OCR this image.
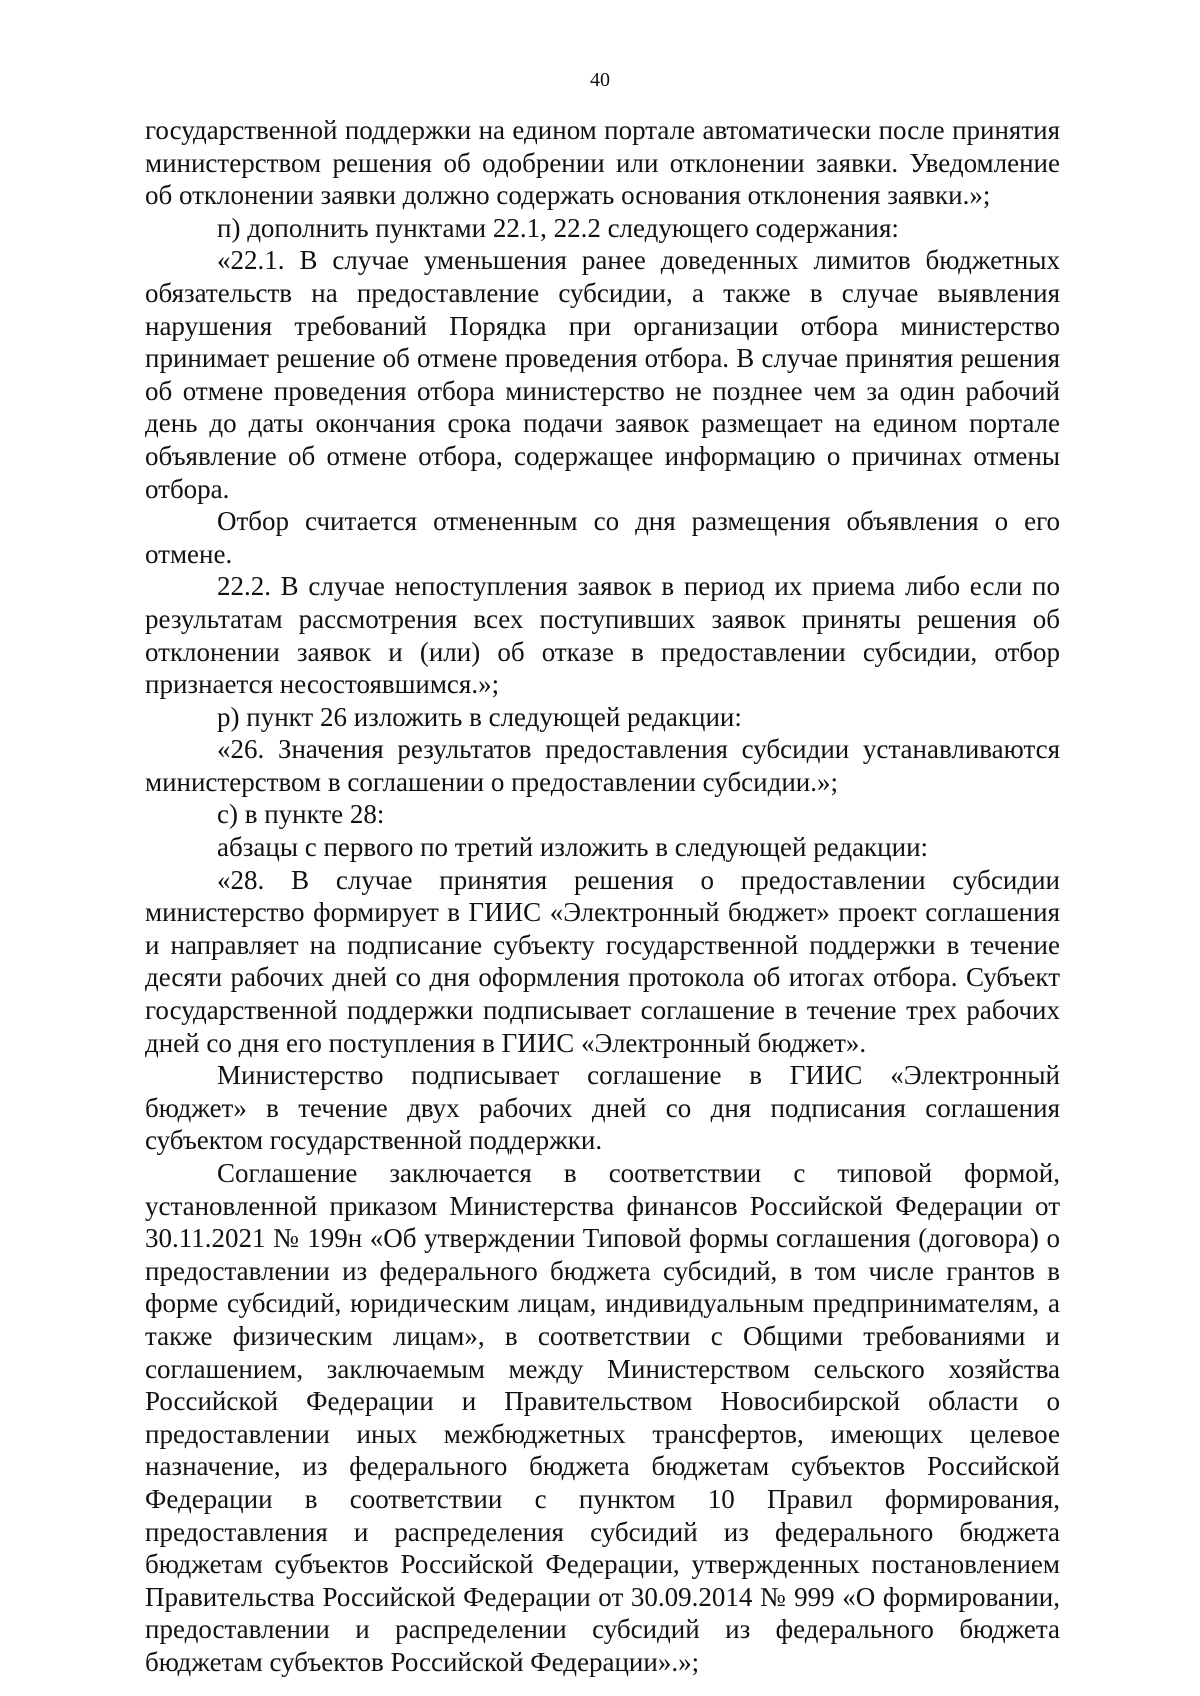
40

государственной поддержки на едином портале автоматически после принятия министерством решения об одобрении или отклонении заявки. Уведомление об отклонении заявки должно содержать основания отклонения заявки.»;

п) дополнить пунктами 22.1, 22.2 следующего содержания:

«22.1. В случае уменьшения ранее доведенных лимитов бюджетных обязательств на предоставление субсидии, а также в случае выявления нарушения требований Порядка при организации отбора министерство принимает решение об отмене проведения отбора. В случае принятия решения об отмене проведения отбора министерство не позднее чем за один рабочий день до даты окончания срока подачи заявок размещает на едином портале объявление об отмене отбора, содержащее информацию о причинах отмены отбора.

Отбор считается отмененным со дня размещения объявления о его отмене.

22.2. В случае непоступления заявок в период их приема либо если по результатам рассмотрения всех поступивших заявок приняты решения об отклонении заявок и (или) об отказе в предоставлении субсидии, отбор признается несостоявшимся.»;

р) пункт 26 изложить в следующей редакции:

«26. Значения результатов предоставления субсидии устанавливаются министерством в соглашении о предоставлении субсидии.»;

с) в пункте 28:

абзацы с первого по третий изложить в следующей редакции:

«28. В случае принятия решения о предоставлении субсидии министерство формирует в ГИИС «Электронный бюджет» проект соглашения и направляет на подписание субъекту государственной поддержки в течение десяти рабочих дней со дня оформления протокола об итогах отбора. Субъект государственной поддержки подписывает соглашение в течение трех рабочих дней со дня его поступления в ГИИС «Электронный бюджет».

Министерство подписывает соглашение в ГИИС «Электронный бюджет» в течение двух рабочих дней со дня подписания соглашения субъектом государственной поддержки.

Соглашение заключается в соответствии с типовой формой, установленной приказом Министерства финансов Российской Федерации от 30.11.2021 № 199н «Об утверждении Типовой формы соглашения (договора) о предоставлении из федерального бюджета субсидий, в том числе грантов в форме субсидий, юридическим лицам, индивидуальным предпринимателям, а также физическим лицам», в соответствии с Общими требованиями и соглашением, заключаемым между Министерством сельского хозяйства Российской Федерации и Правительством Новосибирской области о предоставлении иных межбюджетных трансфертов, имеющих целевое назначение, из федерального бюджета бюджетам субъектов Российской Федерации в соответствии с пунктом 10 Правил формирования, предоставления и распределения субсидий из федерального бюджета бюджетам субъектов Российской Федерации, утвержденных постановлением Правительства Российской Федерации от 30.09.2014 № 999 «О формировании, предоставлении и распределении субсидий из федерального бюджета бюджетам субъектов Российской Федерации».»;
